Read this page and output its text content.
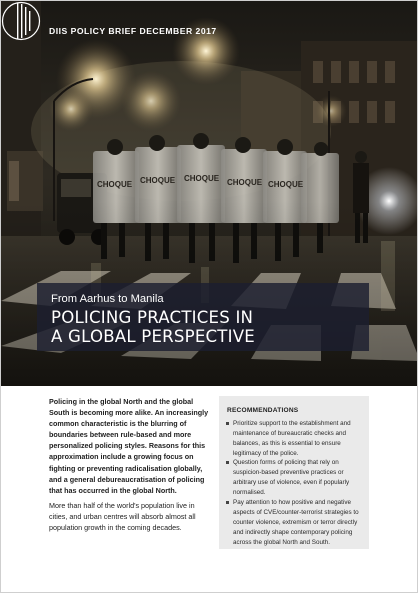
CHOQUE CHOQUE CHOQUE CHOQUE CHOQUE
DIIS POLICY BRIEF DECEMBER 2017
From Aarhus to Manila
POLICING PRACTICES IN
A GLOBAL PERSPECTIVE

Policing in the global North and the global South is becoming more alike. An increasingly common characteristic is the blurring of boundaries between rule-based and more personalized policing styles. Reasons for this approximation include a growing focus on fighting or preventing radicalisation globally, and a general debureaucratisation of policing that has occurred in the global North.

More than half of the world's population live in cities, and urban centres will absorb almost all population growth in the coming decades.

RECOMMENDATIONS
Prioritize support to the establishment and maintenance of bureaucratic checks and balances, as this is essential to ensure legitimacy of the police.
Question forms of policing that rely on suspicion-based preventive practices or arbitrary use of violence, even if popularly normalised.
Pay attention to how positive and negative aspects of CVE/counter-terrorist strategies to counter violence, extremism or terror directly and indirectly shape contemporary policing across the global North and South.
